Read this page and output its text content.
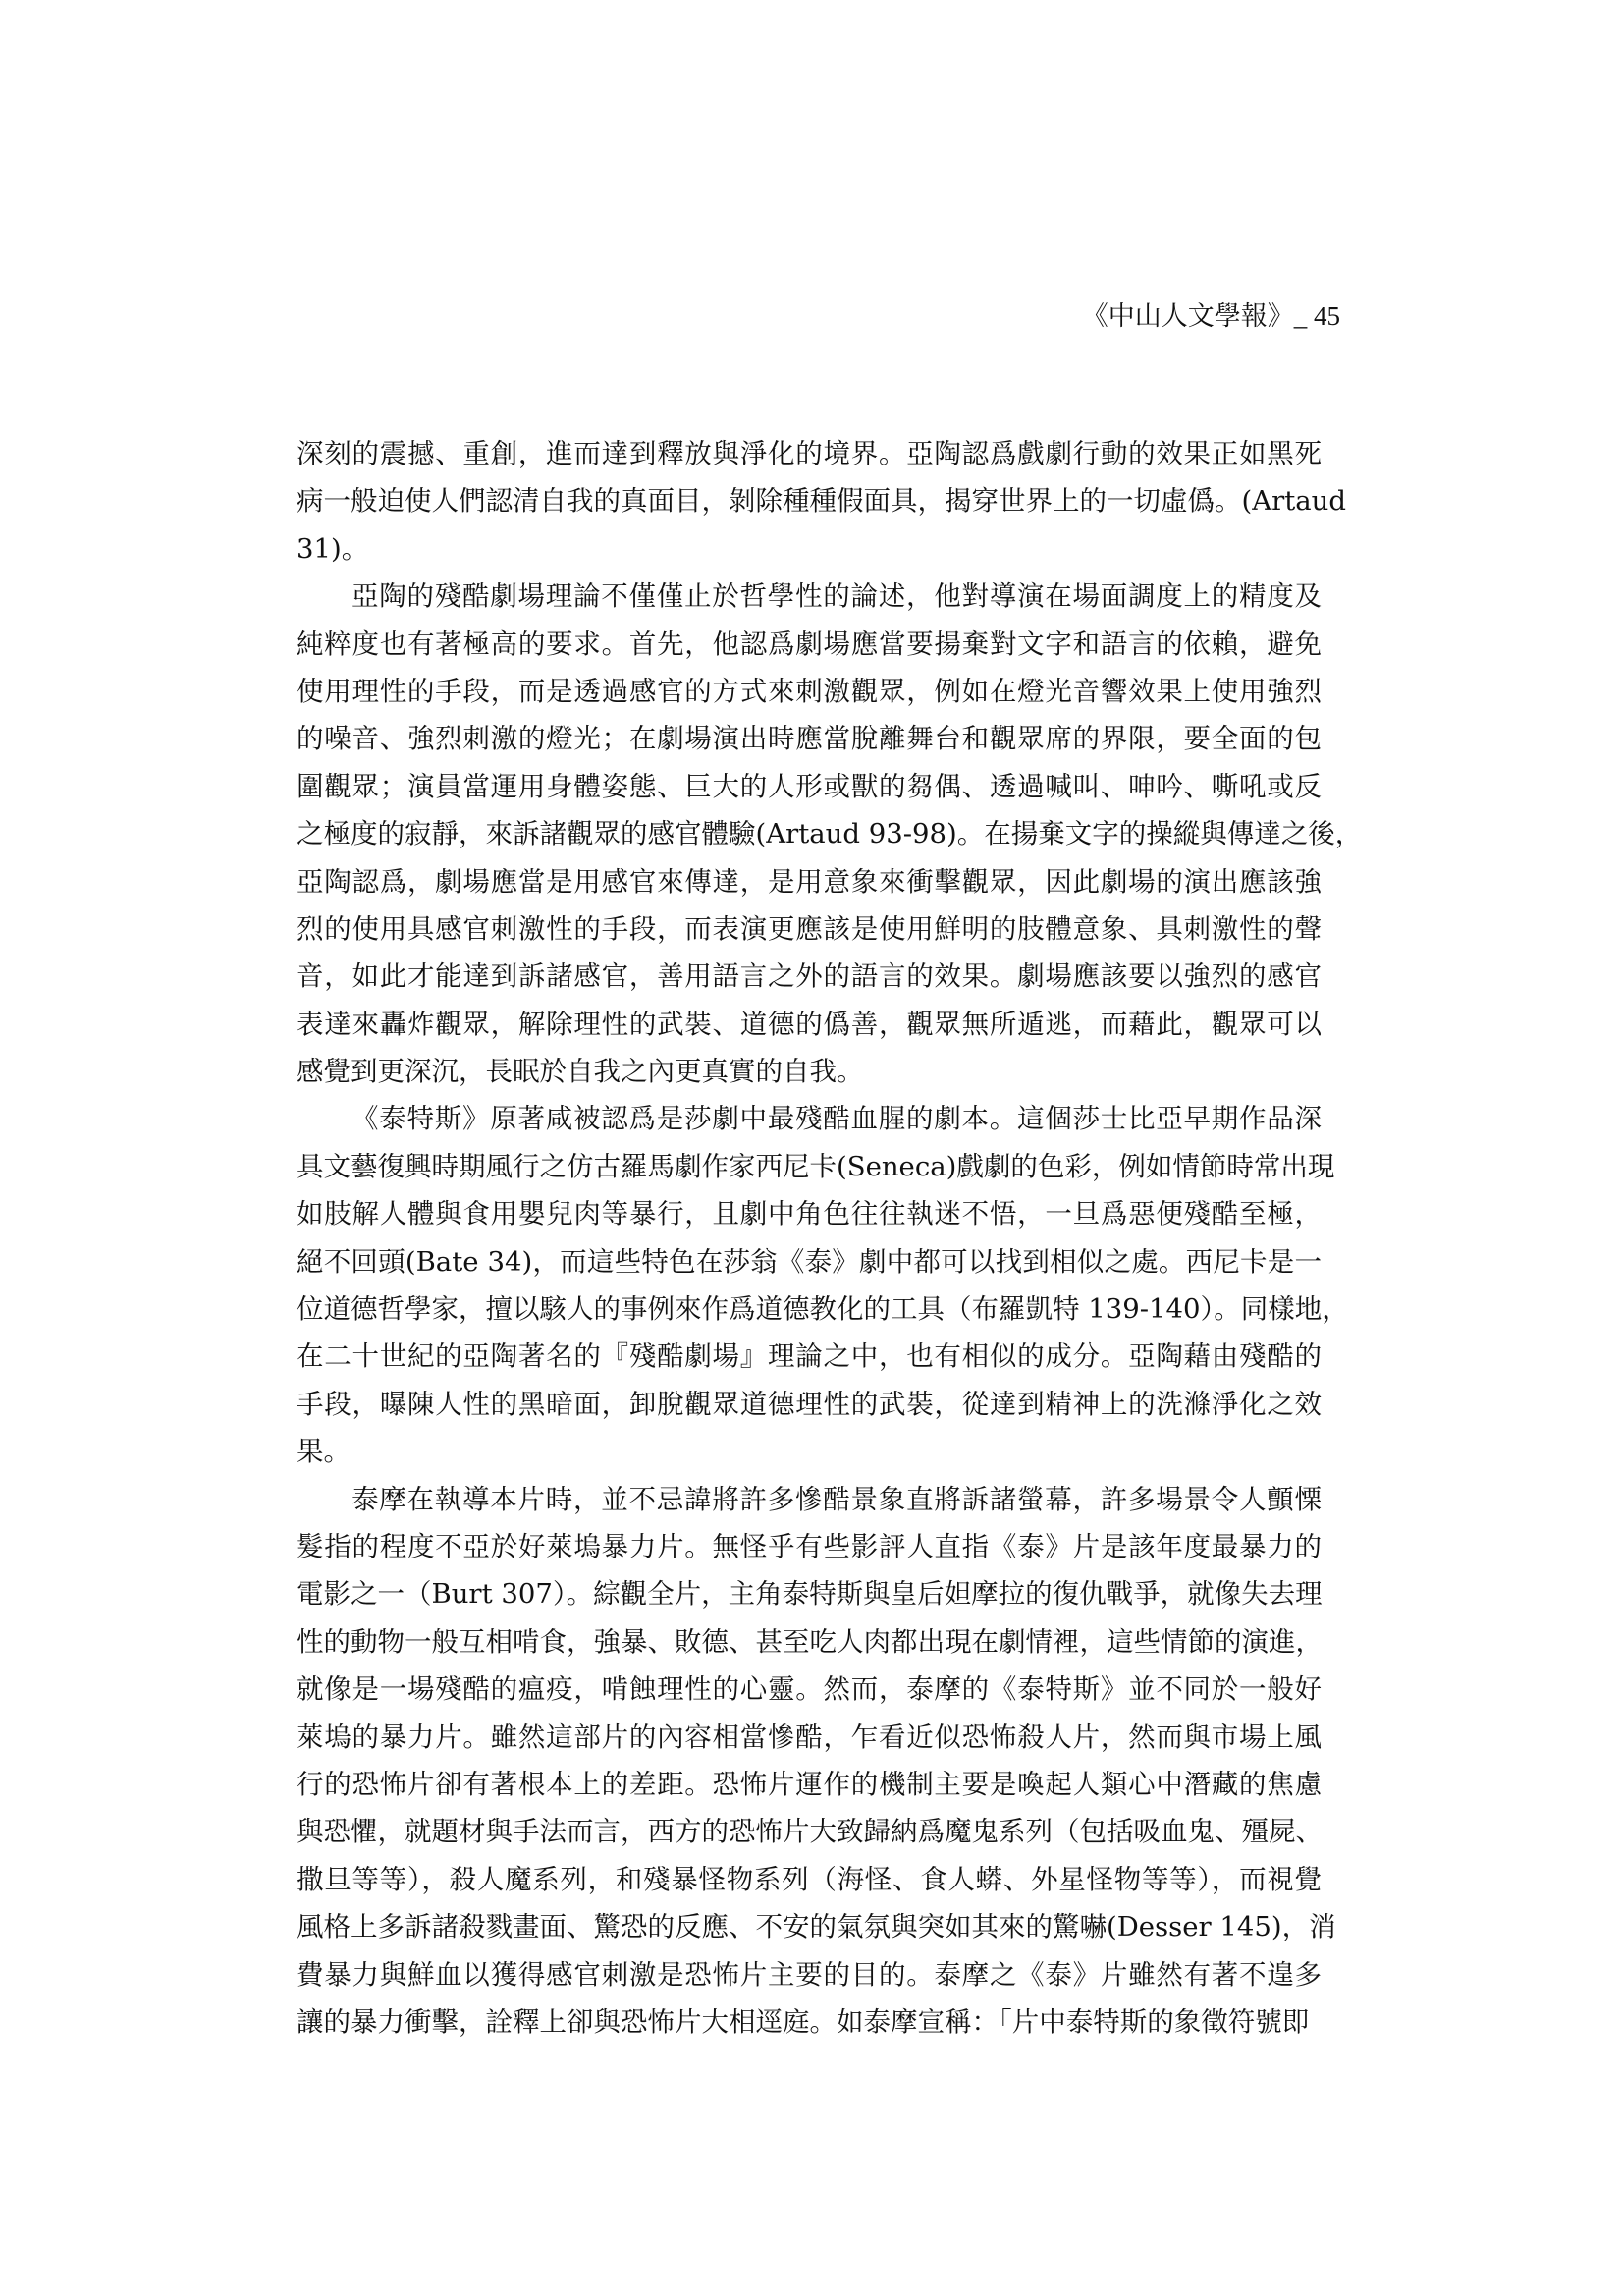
《中山人文學報》_ 45
深刻的震撼、重創，進而達到釋放與淨化的境界。亞陶認爲戲劇行動的效果正如黑死
病一般迫使人們認清自我的真面目，剝除種種假面具，揭穿世界上的一切虛僞。(Artaud
31)。
亞陶的殘酷劇場理論不僅僅止於哲學性的論述，他對導演在場面調度上的精度及
純粹度也有著極高的要求。首先，他認爲劇場應當要揚棄對文字和語言的依賴，避免
使用理性的手段，而是透過感官的方式來刺激觀眾，例如在燈光音響效果上使用強烈
的噪音、強烈刺激的燈光；在劇場演出時應當脫離舞台和觀眾席的界限，要全面的包
圍觀眾；演員當運用身體姿態、巨大的人形或獸的芻偶、透過喊叫、呻吟、嘶吼或反
之極度的寂靜，來訴諸觀眾的感官體驗(Artaud 93-98)。在揚棄文字的操縱與傳達之後，
亞陶認爲，劇場應當是用感官來傳達，是用意象來衝擊觀眾，因此劇場的演出應該強
烈的使用具感官刺激性的手段，而表演更應該是使用鮮明的肢體意象、具刺激性的聲
音，如此才能達到訴諸感官，善用語言之外的語言的效果。劇場應該要以強烈的感官
表達來轟炸觀眾，解除理性的武裝、道德的僞善，觀眾無所遁逃，而藉此，觀眾可以
感覺到更深沉，長眠於自我之內更真實的自我。
《泰特斯》原著咸被認爲是莎劇中最殘酷血腥的劇本。這個莎士比亞早期作品深
具文藝復興時期風行之仿古羅馬劇作家西尼卡(Seneca)戲劇的色彩，例如情節時常出現
如肢解人體與食用嬰兒肉等暴行，且劇中角色往往執迷不悟，一旦爲惡便殘酷至極，
絕不回頭(Bate 34)，而這些特色在莎翁《泰》劇中都可以找到相似之處。西尼卡是一
位道德哲學家，擅以駭人的事例來作爲道德教化的工具（布羅凱特 139-140）。同樣地，
在二十世紀的亞陶著名的『殘酷劇場』理論之中，也有相似的成分。亞陶藉由殘酷的
手段，曝陳人性的黑暗面，卸脫觀眾道德理性的武裝，從達到精神上的洗滌淨化之效
果。
泰摩在執導本片時，並不忌諱將許多慘酷景象直將訴諸螢幕，許多場景令人顫慄
髮指的程度不亞於好萊塢暴力片。無怪乎有些影評人直指《泰》片是該年度最暴力的
電影之一（Burt 307）。綜觀全片，主角泰特斯與皇后妲摩拉的復仇戰爭，就像失去理
性的動物一般互相啃食，強暴、敗德、甚至吃人肉都出現在劇情裡，這些情節的演進，
就像是一場殘酷的瘟疫，啃蝕理性的心靈。然而，泰摩的《泰特斯》並不同於一般好
萊塢的暴力片。雖然這部片的內容相當慘酷，乍看近似恐怖殺人片，然而與市場上風
行的恐怖片卻有著根本上的差距。恐怖片運作的機制主要是喚起人類心中潛藏的焦慮
與恐懼，就題材與手法而言，西方的恐怖片大致歸納爲魔鬼系列（包括吸血鬼、殭屍、
撒旦等等），殺人魔系列，和殘暴怪物系列（海怪、食人蟒、外星怪物等等），而視覺
風格上多訴諸殺戮畫面、驚恐的反應、不安的氣氛與突如其來的驚嚇(Desser 145)，消
費暴力與鮮血以獲得感官刺激是恐怖片主要的目的。泰摩之《泰》片雖然有著不遑多
讓的暴力衝擊，詮釋上卻與恐怖片大相逕庭。如泰摩宣稱：「片中泰特斯的象徵符號即
